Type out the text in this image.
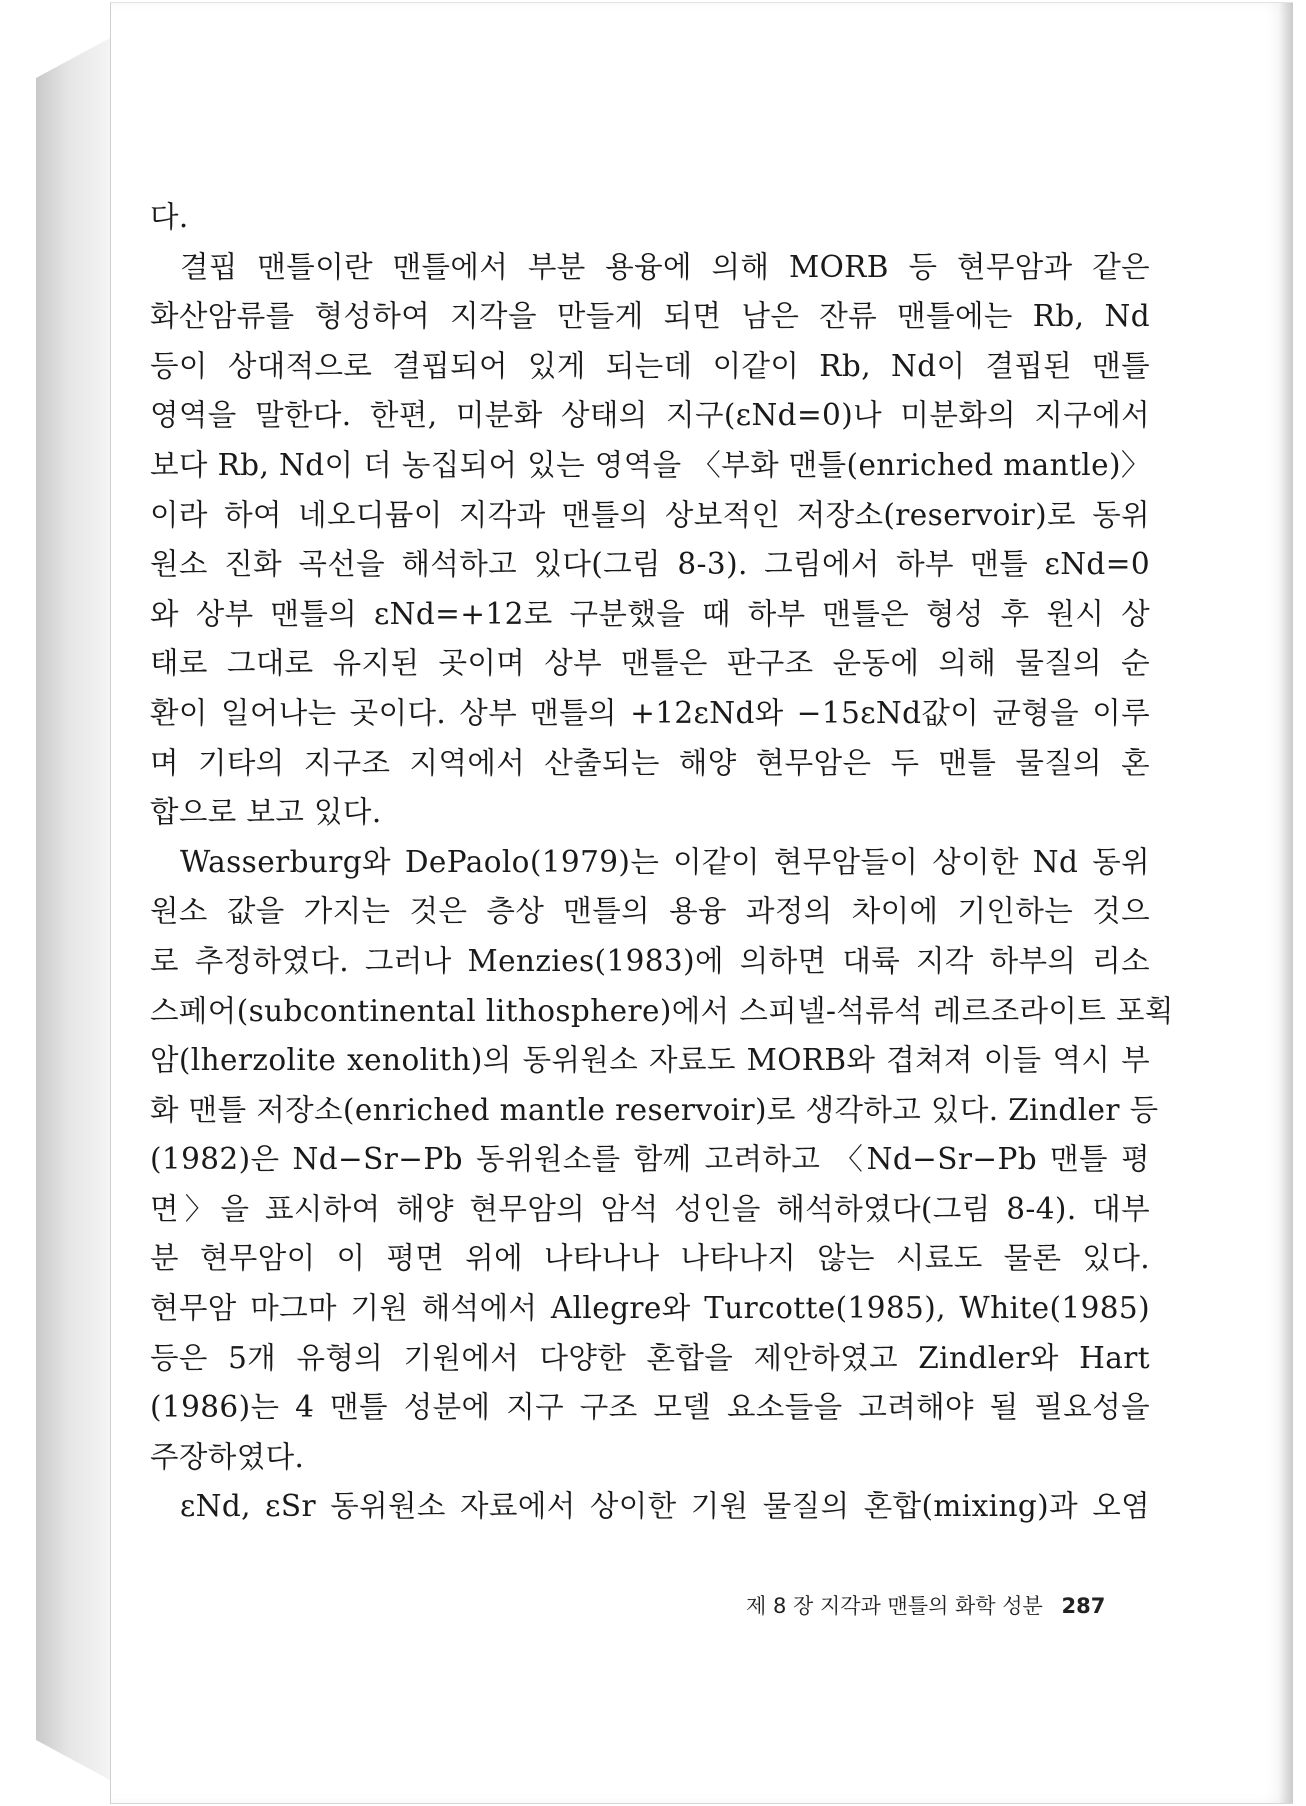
다.
결핍 맨틀이란 맨틀에서 부분 용융에 의해 MORB 등 현무암과 같은
화산암류를 형성하여 지각을 만들게 되면 남은 잔류 맨틀에는 Rb, Nd
등이 상대적으로 결핍되어 있게 되는데 이같이 Rb, Nd이 결핍된 맨틀
영역을 말한다. 한편, 미분화 상태의 지구(εNd=0)나 미분화의 지구에서
보다 Rb, Nd이 더 농집되어 있는 영역을 〈부화 맨틀(enriched mantle)〉
이라 하여 네오디뮴이 지각과 맨틀의 상보적인 저장소(reservoir)로 동위
원소 진화 곡선을 해석하고 있다(그림 8-3). 그림에서 하부 맨틀 εNd=0
와 상부 맨틀의 εNd=+12로 구분했을 때 하부 맨틀은 형성 후 원시 상
태로 그대로 유지된 곳이며 상부 맨틀은 판구조 운동에 의해 물질의 순
환이 일어나는 곳이다. 상부 맨틀의 +12εNd와 −15εNd값이 균형을 이루
며 기타의 지구조 지역에서 산출되는 해양 현무암은 두 맨틀 물질의 혼
합으로 보고 있다.
Wasserburg와 DePaolo(1979)는 이같이 현무암들이 상이한 Nd 동위
원소 값을 가지는 것은 층상 맨틀의 용융 과정의 차이에 기인하는 것으
로 추정하였다. 그러나 Menzies(1983)에 의하면 대륙 지각 하부의 리소
스페어(subcontinental lithosphere)에서 스피넬-석류석 레르조라이트 포획
암(lherzolite xenolith)의 동위원소 자료도 MORB와 겹쳐져 이들 역시 부
화 맨틀 저장소(enriched mantle reservoir)로 생각하고 있다. Zindler 등
(1982)은 Nd−Sr−Pb 동위원소를 함께 고려하고 〈Nd−Sr−Pb 맨틀 평
면〉을 표시하여 해양 현무암의 암석 성인을 해석하였다(그림 8-4). 대부
분 현무암이 이 평면 위에 나타나나 나타나지 않는 시료도 물론 있다.
현무암 마그마 기원 해석에서 Allegre와 Turcotte(1985), White(1985)
등은 5개 유형의 기원에서 다양한 혼합을 제안하였고 Zindler와 Hart
(1986)는 4 맨틀 성분에 지구 구조 모델 요소들을 고려해야 될 필요성을
주장하였다.
εNd, εSr 동위원소 자료에서 상이한 기원 물질의 혼합(mixing)과 오염
제 8 장 지각과 맨틀의 화학 성분 287
